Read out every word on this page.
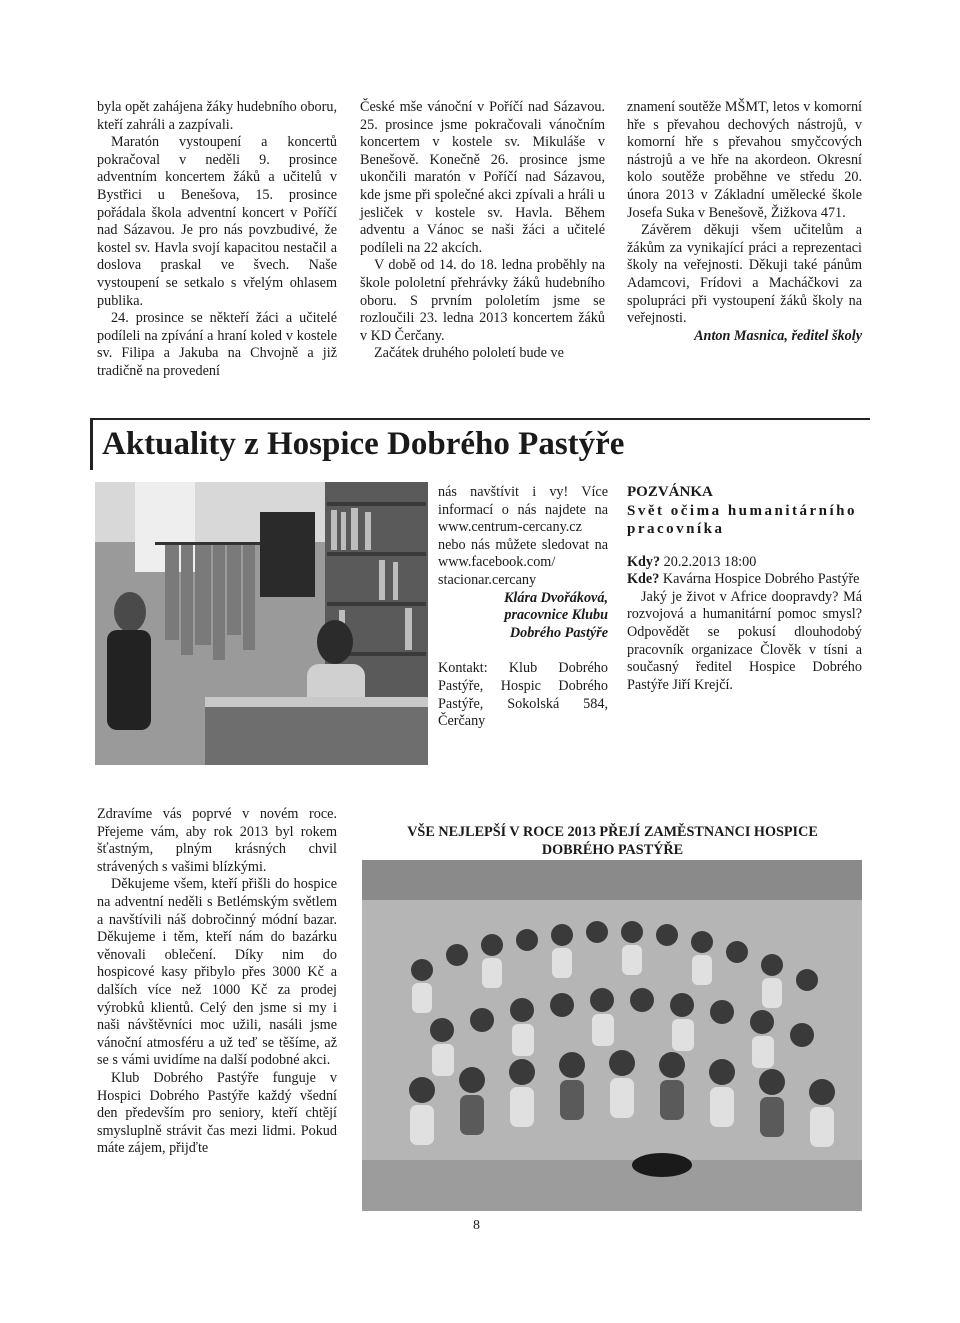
byla opět zahájena žáky hudebního oboru, kteří zahráli a zazpívali.

Maratón vystoupení a koncertů pokračoval v neděli 9. prosince adventním koncertem žáků a učitelů v Bystřici u Benešova, 15. prosince pořádala škola adventní koncert v Poříčí nad Sázavou. Je pro nás povzbudivé, že kostel sv. Havla svojí kapacitou nestačil a doslova praskal ve švech. Naše vystoupení se setkalo s vřelým ohlasem publika.

24. prosince se někteří žáci a učitelé podíleli na zpívání a hraní koled v kostele sv. Filipa a Jakuba na Chvojně a již tradičně na provedení

České mše vánoční v Poříčí nad Sázavou. 25. prosince jsme pokračovali vánočním koncertem v kostele sv. Mikuláše v Benešově. Konečně 26. prosince jsme ukončili maratón v Poříčí nad Sázavou, kde jsme při společné akci zpívali a hráli u jesliček v kostele sv. Havla. Během adventu a Vánoc se naši žáci a učitelé podíleli na 22 akcích.

V době od 14. do 18. ledna proběhly na škole pololetní přehrávky žáků hudebního oboru. S prvním pololetím jsme se rozloučili 23. ledna 2013 koncertem žáků v KD Čerčany.

Začátek druhého pololetí bude ve

znamení soutěže MŠMT, letos v komorní hře s převahou dechových nástrojů, v komorní hře s převahou smyčcových nástrojů a ve hře na akordeon. Okresní kolo soutěže proběhne ve středu 20. února 2013 v Základní umělecké škole Josefa Suka v Benešově, Žižkova 471.

Závěrem děkuji všem učitelům a žákům za vynikající práci a reprezentaci školy na veřejnosti. Děkuji také pánům Adamcovi, Frídovi a Macháčkovi za spolupráci při vystoupení žáků školy na veřejnosti.

Anton Masnica, ředitel školy

Aktuality z Hospice Dobrého Pastýře

nás navštívit i vy! Více informací o nás najdete na www.centrum-cercany.cz nebo nás můžete sledovat na www.facebook.com/ stacionar.cercany

Klára Dvořáková,

pracovnice Klubu

Dobrého Pastýře

Kontakt: Klub Dobrého Pastýře, Hospic Dobrého Pastýře, Sokolská 584, Čerčany

POZVÁNKA

Svět očima humanitárního pracovníka

Kdy? 20.2.2013 18:00

Kde? Kavárna Hospice Dobrého Pastýře

Jaký je život v Africe doopravdy? Má rozvojová a humanitární pomoc smysl? Odpovědět se pokusí dlouhodobý pracovník organizace Člověk v tísni a současný ředitel Hospice Dobrého Pastýře Jiří Krejčí.

Zdravíme vás poprvé v novém roce. Přejeme vám, aby rok 2013 byl rokem šťastným, plným krásných chvil strávených s vašimi blízkými.

Děkujeme všem, kteří přišli do hospice na adventní neděli s Betlémským světlem a navštívili náš dobročinný módní bazar. Děkujeme i těm, kteří nám do bazárku věnovali oblečení. Díky nim do hospicové kasy přibylo přes 3000 Kč a dalších více než 1000 Kč za prodej výrobků klientů. Celý den jsme si my i naši návštěvníci moc užili, nasáli jsme vánoční atmosféru a už teď se těšíme, až se s vámi uvidíme na další podobné akci.

Klub Dobrého Pastýře funguje v Hospici Dobrého Pastýře každý všední den především pro seniory, kteří chtějí smysluplně strávit čas mezi lidmi. Pokud máte zájem, přijďte

VŠE NEJLEPŠÍ V ROCE 2013 PŘEJÍ ZAMĚSTNANCI HOSPICE
DOBRÉHO PASTÝŘE
8
